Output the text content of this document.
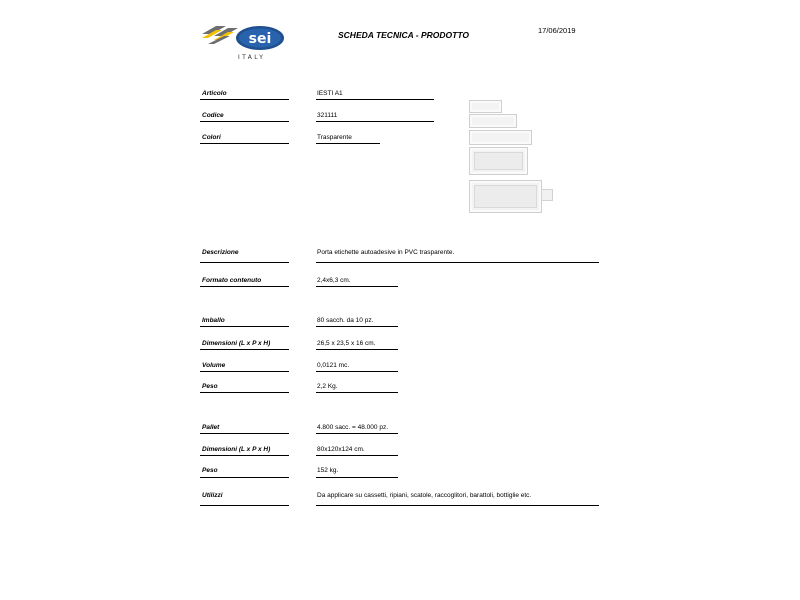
sei
ITALY
SCHEDA TECNICA - PRODOTTO	17/06/2019
Articolo	IESTI A1
Codice	321111
Colori	Trasparente
Descrizione	Porta etichette autoadesive in PVC trasparente.
Formato contenuto	2,4x6,3 cm.
Imballo	80 sacch. da 10 pz.
Dimensioni (L x P x H)	26,5 x 23,5 x 16 cm.
Volume	0,0121 mc.
Peso	2,2 Kg.
Pallet	4.800 sacc. = 48.000 pz.
Dimensioni (L x P x H)	80x120x124 cm.
Peso	152 kg.
Utilizzi	Da applicare su cassetti, ripiani, scatole, raccoglitori, barattoli, bottiglie etc.
